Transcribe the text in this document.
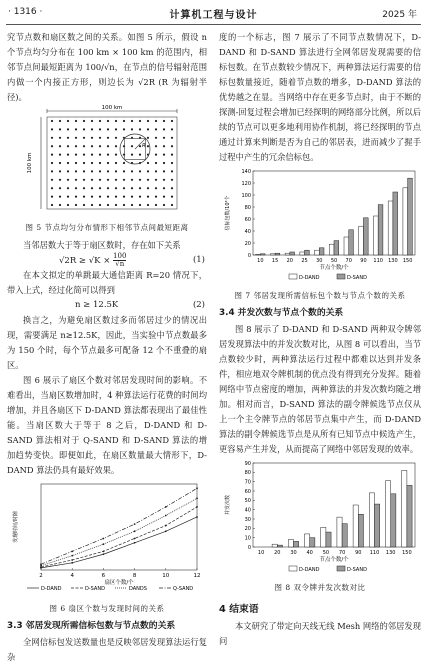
· 1316 ·	计算机工程与设计	2025 年

究节点数和扇区数之间的关系。如图 5 所示，假设 n 个节点均匀分布在 100 km × 100 km 的范围内，相邻节点间最短距离为 100/√n，在节点的信号辐射范围内做一个内接正方形，则边长为 √2R (R 为辐射半径)。

100 km
100 km
R
图 5 节点均匀分布情形下相邻节点间最短距离

当邻居数大于等于扇区数时，存在如下关系

$√2R \ge √K \times \frac{100}{√n}$	(1)

在本文拟定的单跳最大通信距离 R=20 情况下，带入上式，经过化简可以得到

n ≥ 12.5K	(2)

换言之，为避免扇区数过多而邻居过少的情况出现，需要满足 n≥12.5K，因此，当实验中节点数最多为 150 个时，每个节点最多可配备 12 个不重叠的扇区。

图 6 展示了扇区个数对邻居发现时间的影响。不难看出，当扇区数增加时，4 种算法运行花费的时间均增加，并且各扇区下 D-DAND 算法都表现出了最佳性能。当扇区数大于等于 8 之后，D-DAND 和 D-SAND 算法相对于 Q-SAND 和 D-SAND 算法的增加趋势变快。即便如此，在扇区数量最大情形下，D-DAND 算法仍具有最好效果。

发现时间/时隙
2	4	6	8	10	12
扇区个数/个
D-DAND	D-SAND	DANDS	Q-SAND
图 6 扇区个数与发现时间的关系
3.3 邻居发现所需信标包数与节点数的关系

全网信标包发送数量也是反映邻居发现算法运行复杂

度的一个标志，图 7 展示了不同节点数情况下，D-DAND 和 D-SAND 算法进行全网邻居发现需要的信标包数。在节点数较少情况下，两种算法运行需要的信标包数量接近，随着节点数的增多，D-DAND 算法的优势越之在显。当网络中存在更多节点时，由于不断的探测-回复过程会增加已经探明的网络部分比例，所以后续的节点可以更多地利用协作机制，将已经探明的节点通过计算来判断是否为自己的邻居表，进而减少了握手过程中产生的冗余信标包。

0
20
40
60
80
100
120
140
信标包数/10³个
10 15 20 25 30 50 70 90 110 130 150
节点个数/个
D-DAND	D-SAND
图 7 邻居发现所需信标包个数与节点个数的关系
3.4 并发次数与节点个数的关系

图 8 展示了 D-DAND 和 D-SAND 两种双令牌邻居发现算法中的并发次数对比，从图 8 可以看出，当节点数较少时，两种算法运行过程中都难以达到并发条件，相应地双令牌机制的优点没有得到充分发挥。随着网络中节点密度的增加，两种算法的并发次数均随之增加。相对而言，D-SAND 算法的副令牌候选节点仅从上一个主令牌节点的邻居节点集中产生，而 D-DAND 算法的副令牌候选节点是从所有已知节点中候选产生，更容易产生并发，从而提高了网络中邻居发现的效率。

0
10
20
30
40
50
60
70
80
90
并发次数
10 20 30 40 50 70 90 110 130 150
节点个数/个
D-DAND	D-SAND
图 8 双令牌并发次数对比
4 结束语

本文研究了带定向天线无线 Mesh 网络的邻居发现问
